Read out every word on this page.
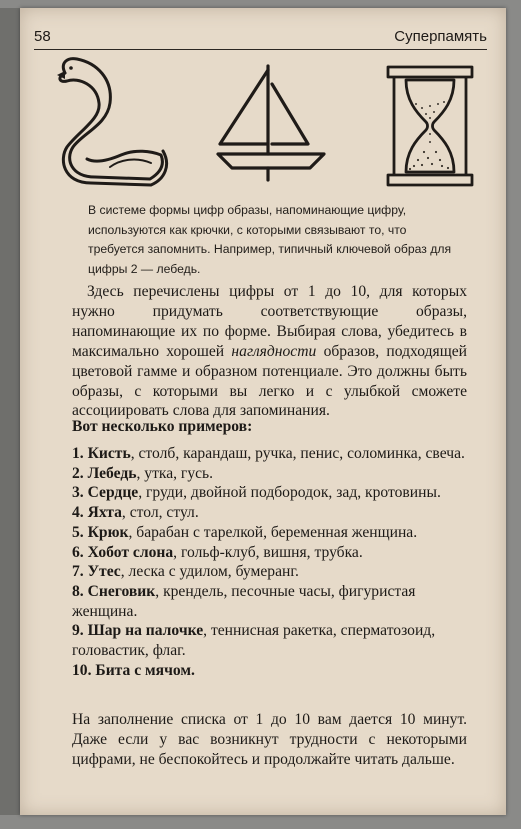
58	Суперпамять
В системе формы цифр образы, напоминающие цифру, используются как крючки, с которыми связывают то, что требуется запомнить. Например, типичный ключевой образ для цифры 2 — лебедь.

Здесь перечислены цифры от 1 до 10, для которых нужно придумать соответствующие образы, напоминающие их по форме. Выбирая слова, убедитесь в максимально хорошей наглядности образов, подходящей цветовой гамме и образном потенциале. Это должны быть образы, с которыми вы легко и с улыбкой сможете ассоциировать слова для запоминания.

Вот несколько примеров:
1. Кисть, столб, карандаш, ручка, пенис, соломинка, свеча.
2. Лебедь, утка, гусь.
3. Сердце, груди, двойной подбородок, зад, кротовины.
4. Яхта, стол, стул.
5. Крюк, барабан с тарелкой, беременная женщина.
6. Хобот слона, гольф-клуб, вишня, трубка.
7. Утес, леска с удилом, бумеранг.
8. Снеговик, крендель, песочные часы, фигуристая женщина.
9. Шар на палочке, теннисная ракетка, сперматозоид, головастик, флаг.
10. Бита с мячом.

На заполнение списка от 1 до 10 вам дается 10 минут. Даже если у вас возникнут трудности с некоторыми цифрами, не беспокойтесь и продолжайте читать дальше.
